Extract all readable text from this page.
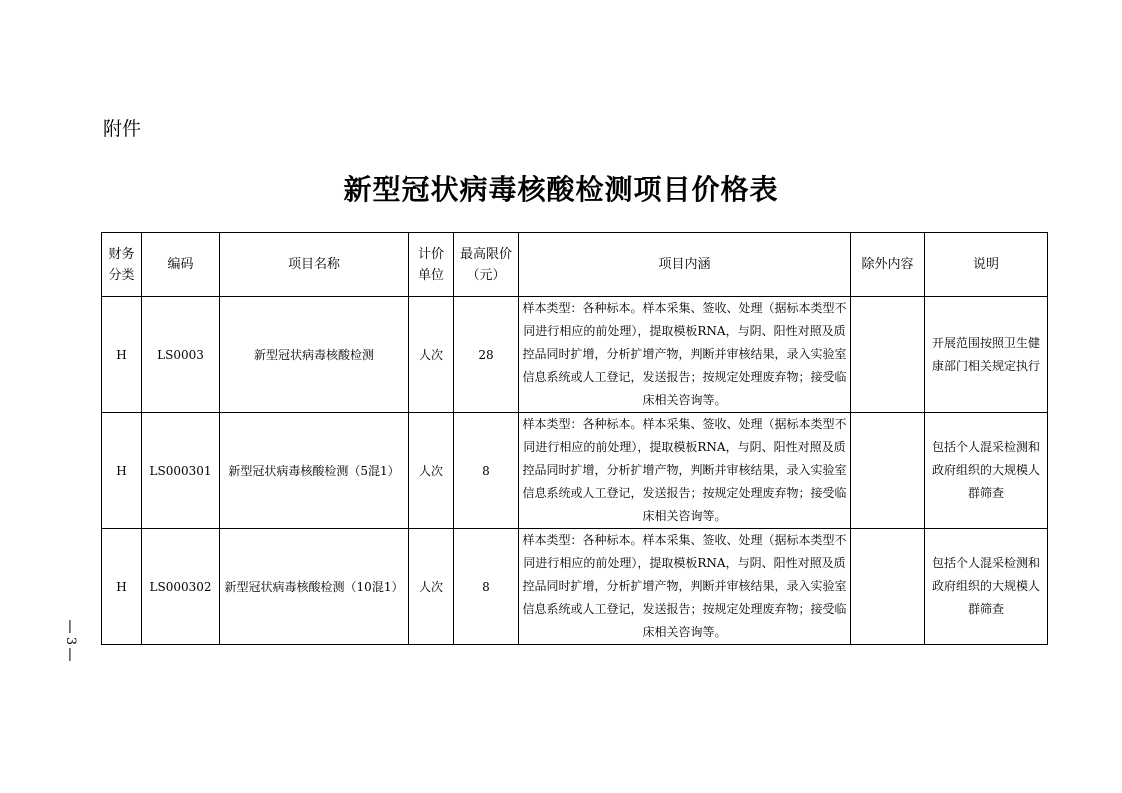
附件
新型冠状病毒核酸检测项目价格表
财务分类	编码	项目名称	计价单位	最高限价（元）	项目内涵	除外内容	说明
H	LS0003	新型冠状病毒核酸检测	人次	28	样本类型：各种标本。样本采集、签收、处理（据标本类型不同进行相应的前处理），提取模板RNA，与阴、阳性对照及质控品同时扩增，分析扩增产物，判断并审核结果，录入实验室信息系统或人工登记，发送报告；按规定处理废弃物；接受临床相关咨询等。		开展范围按照卫生健康部门相关规定执行
H	LS000301	新型冠状病毒核酸检测（5混1）	人次	8	样本类型：各种标本。样本采集、签收、处理（据标本类型不同进行相应的前处理），提取模板RNA，与阴、阳性对照及质控品同时扩增，分析扩增产物，判断并审核结果，录入实验室信息系统或人工登记，发送报告；按规定处理废弃物；接受临床相关咨询等。		包括个人混采检测和政府组织的大规模人群筛查
H	LS000302	新型冠状病毒核酸检测（10混1）	人次	8	样本类型：各种标本。样本采集、签收、处理（据标本类型不同进行相应的前处理），提取模板RNA，与阴、阳性对照及质控品同时扩增，分析扩增产物，判断并审核结果，录入实验室信息系统或人工登记，发送报告；按规定处理废弃物；接受临床相关咨询等。		包括个人混采检测和政府组织的大规模人群筛查
|
3
|
